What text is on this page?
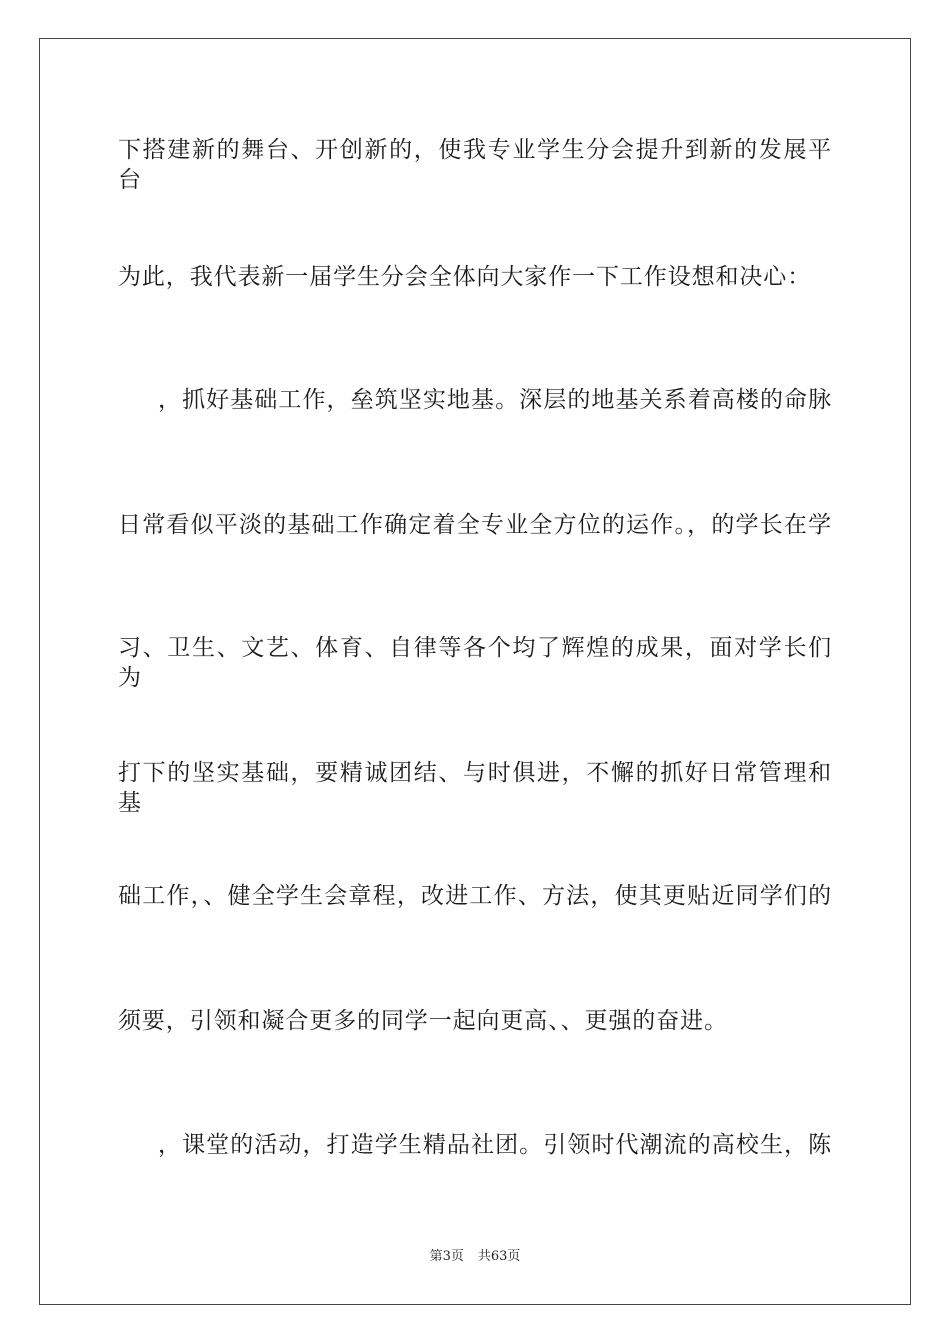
下搭建新的舞台、开创新的，使我专业学生分会提升到新的发展平台
为此，我代表新一届学生分会全体向大家作一下工作设想和决心：
，抓好基础工作，垒筑坚实地基。深层的地基关系着高楼的命脉
日常看似平淡的基础工作确定着全专业全方位的运作。，的学长在学
习、卫生、文艺、体育、自律等各个均了辉煌的成果，面对学长们为
打下的坚实基础，要精诚团结、与时俱进，不懈的抓好日常管理和基
础工作，、健全学生会章程，改进工作、方法，使其更贴近同学们的
须要，引领和凝合更多的同学一起向更高、、更强的奋进。
，课堂的活动，打造学生精品社团。引领时代潮流的高校生，陈
第3页 共63页
